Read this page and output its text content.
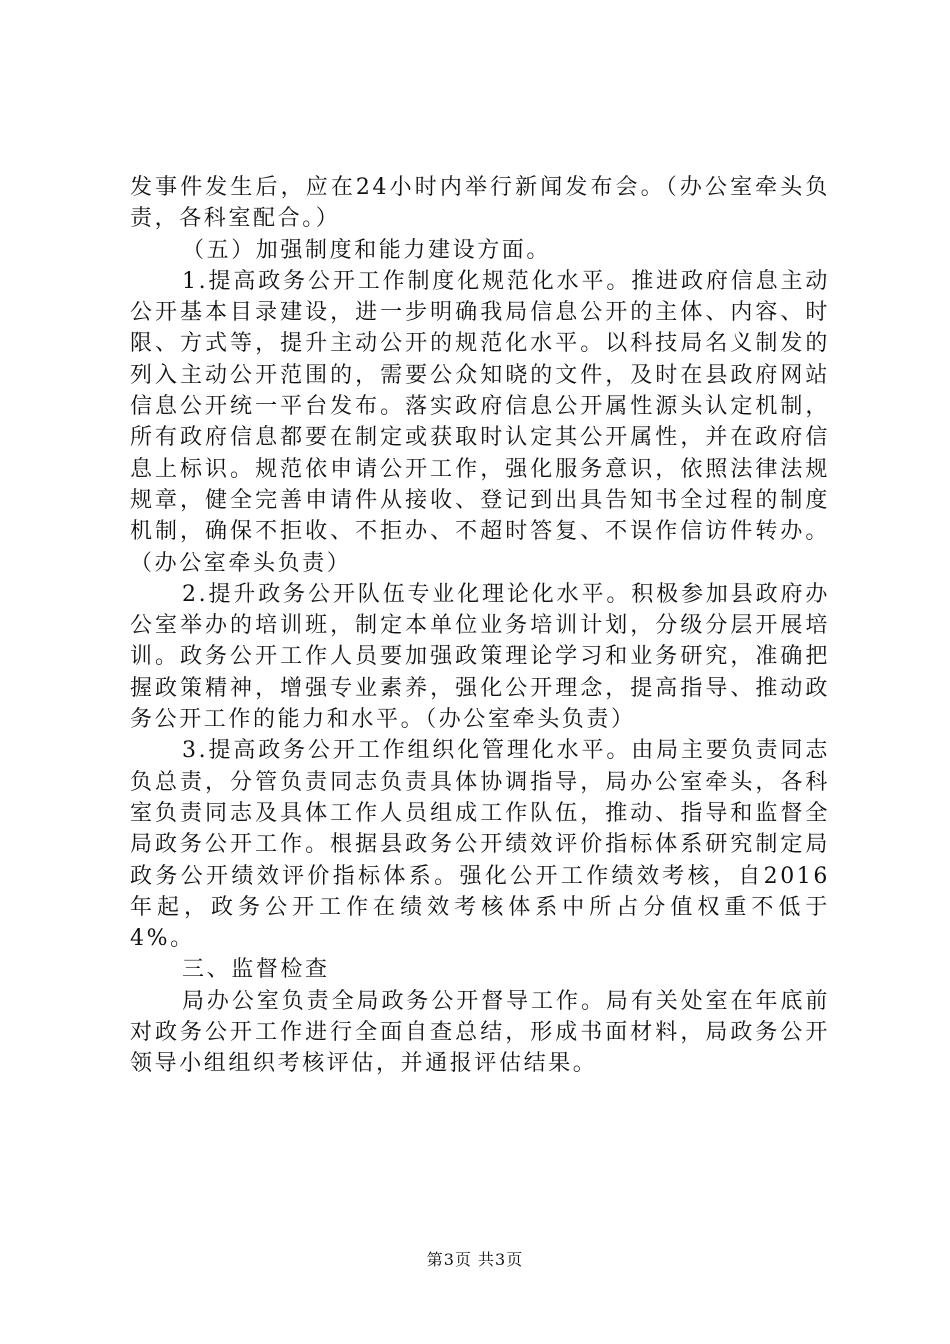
发事件发生后，应在24小时内举行新闻发布会。（办公室牵头负责，各科室配合。）

（五）加强制度和能力建设方面。

1.提高政务公开工作制度化规范化水平。推进政府信息主动公开基本目录建设，进一步明确我局信息公开的主体、内容、时限、方式等，提升主动公开的规范化水平。以科技局名义制发的列入主动公开范围的，需要公众知晓的文件，及时在县政府网站信息公开统一平台发布。落实政府信息公开属性源头认定机制，所有政府信息都要在制定或获取时认定其公开属性，并在政府信息上标识。规范依申请公开工作，强化服务意识，依照法律法规规章，健全完善申请件从接收、登记到出具告知书全过程的制度机制，确保不拒收、不拒办、不超时答复、不误作信访件转办。（办公室牵头负责）

2.提升政务公开队伍专业化理论化水平。积极参加县政府办公室举办的培训班，制定本单位业务培训计划，分级分层开展培训。政务公开工作人员要加强政策理论学习和业务研究，准确把握政策精神，增强专业素养，强化公开理念，提高指导、推动政务公开工作的能力和水平。（办公室牵头负责）

3.提高政务公开工作组织化管理化水平。由局主要负责同志负总责，分管负责同志负责具体协调指导，局办公室牵头，各科室负责同志及具体工作人员组成工作队伍，推动、指导和监督全局政务公开工作。根据县政务公开绩效评价指标体系研究制定局政务公开绩效评价指标体系。强化公开工作绩效考核，自2016年起，政务公开工作在绩效考核体系中所占分值权重不低于4%。

三、监督检查

局办公室负责全局政务公开督导工作。局有关处室在年底前对政务公开工作进行全面自查总结，形成书面材料，局政务公开领导小组组织考核评估，并通报评估结果。

第3页 共3页
